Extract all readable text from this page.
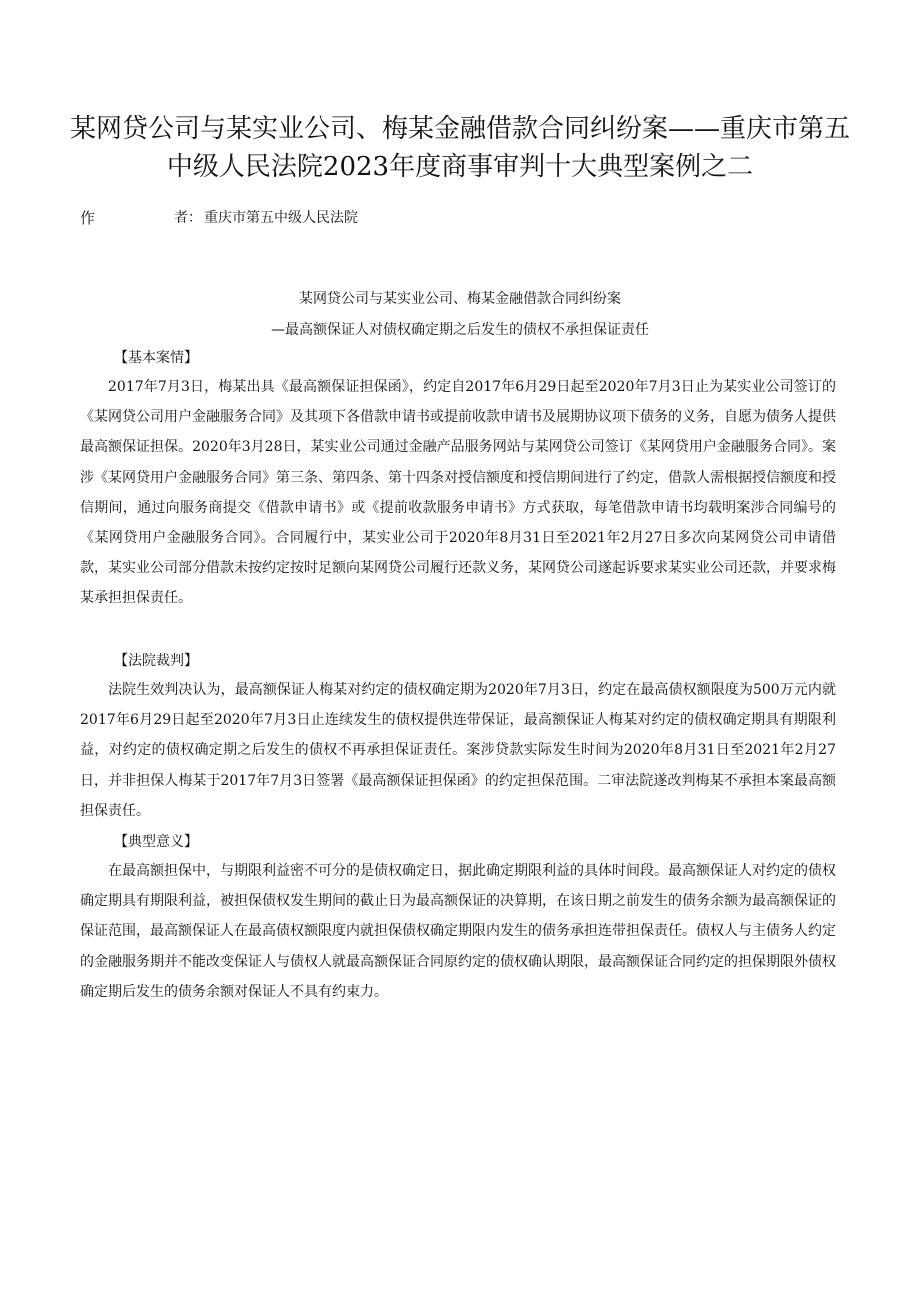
某网贷公司与某实业公司、梅某金融借款合同纠纷案——重庆市第五中级人民法院2023年度商事审判十大典型案例之二
作	者： 重庆市第五中级人民法院
某网贷公司与某实业公司、梅某金融借款合同纠纷案
—最高额保证人对债权确定期之后发生的债权不承担保证责任
【基本案情】

2017年7月3日，梅某出具《最高额保证担保函》，约定自2017年6月29日起至2020年7月3日止为某实业公司签订的《某网贷公司用户金融服务合同》及其项下各借款申请书或提前收款申请书及展期协议项下债务的义务，自愿为债务人提供最高额保证担保。2020年3月28日，某实业公司通过金融产品服务网站与某网贷公司签订《某网贷用户金融服务合同》。案涉《某网贷用户金融服务合同》第三条、第四条、第十四条对授信额度和授信期间进行了约定，借款人需根据授信额度和授信期间，通过向服务商提交《借款申请书》或《提前收款服务申请书》方式获取，每笔借款申请书均载明案涉合同编号的《某网贷用户金融服务合同》。合同履行中，某实业公司于2020年8月31日至2021年2月27日多次向某网贷公司申请借款，某实业公司部分借款未按约定按时足额向某网贷公司履行还款义务，某网贷公司遂起诉要求某实业公司还款，并要求梅某承担担保责任。

【法院裁判】

法院生效判决认为，最高额保证人梅某对约定的债权确定期为2020年7月3日，约定在最高债权额限度为500万元内就2017年6月29日起至2020年7月3日止连续发生的债权提供连带保证，最高额保证人梅某对约定的债权确定期具有期限利益，对约定的债权确定期之后发生的债权不再承担保证责任。案涉贷款实际发生时间为2020年8月31日至2021年2月27日，并非担保人梅某于2017年7月3日签署《最高额保证担保函》的约定担保范围。二审法院遂改判梅某不承担本案最高额担保责任。

【典型意义】

在最高额担保中，与期限利益密不可分的是债权确定日，据此确定期限利益的具体时间段。最高额保证人对约定的债权确定期具有期限利益，被担保债权发生期间的截止日为最高额保证的决算期，在该日期之前发生的债务余额为最高额保证的保证范围，最高额保证人在最高债权额限度内就担保债权确定期限内发生的债务承担连带担保责任。债权人与主债务人约定的金融服务期并不能改变保证人与债权人就最高额保证合同原约定的债权确认期限，最高额保证合同约定的担保期限外债权确定期后发生的债务余额对保证人不具有约束力。
